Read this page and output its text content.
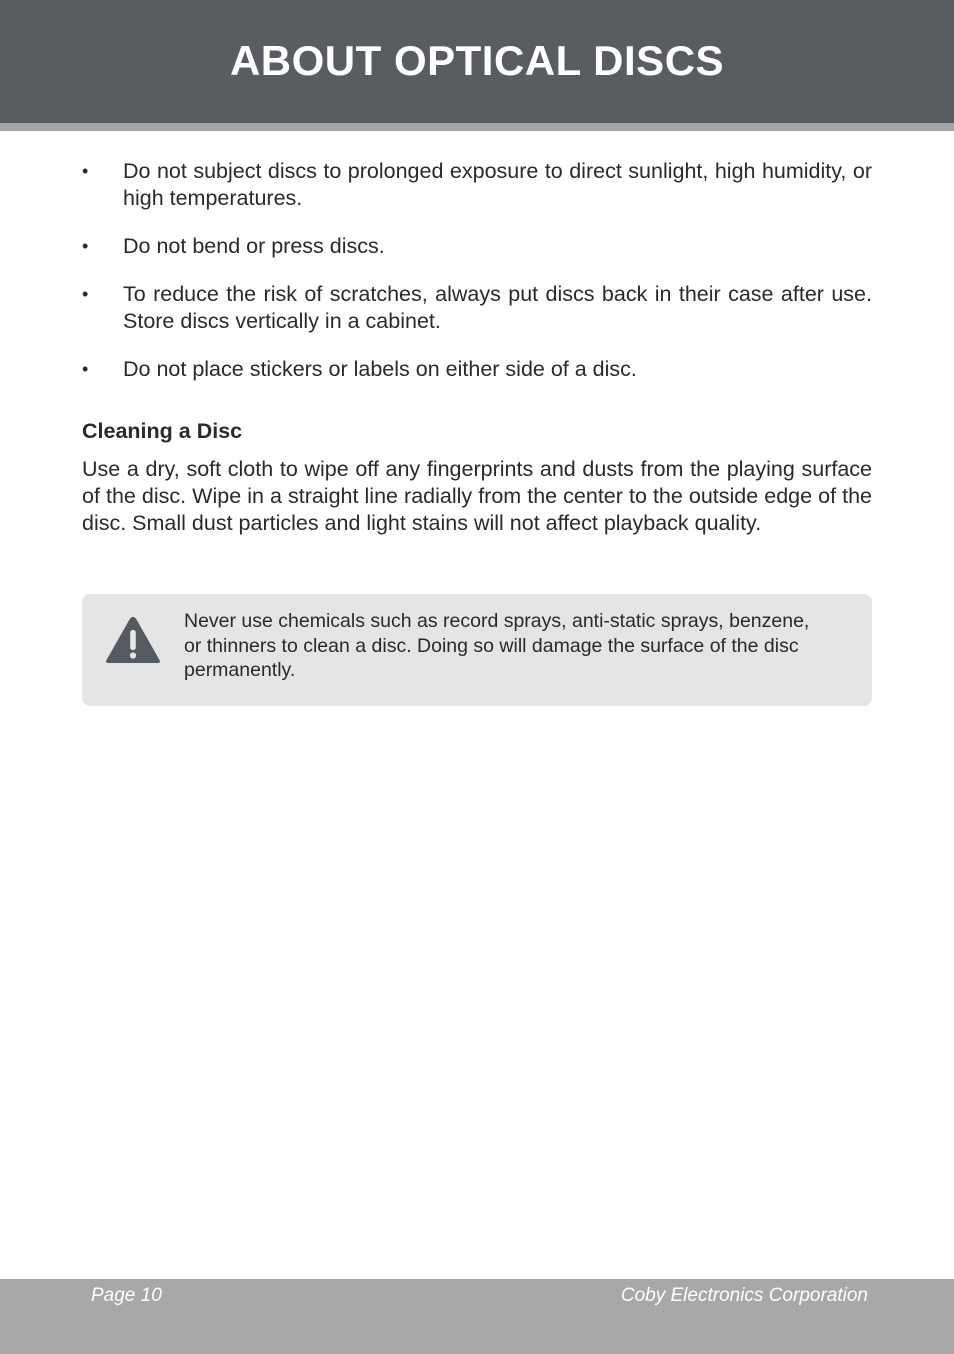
ABOUT OPTICAL DISCS
• Do not subject discs to prolonged exposure to direct sunlight, high humidity, or high temperatures.
• Do not bend or press discs.
• To reduce the risk of scratches, always put discs back in their case after use. Store discs vertically in a cabinet.
• Do not place stickers or labels on either side of a disc.
Cleaning a Disc

Use a dry, soft cloth to wipe off any fingerprints and dusts from the playing surface of the disc. Wipe in a straight line radially from the center to the outside edge of the disc. Small dust particles and light stains will not affect playback quality.

Never use chemicals such as record sprays, anti-static sprays, benzene, or thinners to clean a disc. Doing so will damage the surface of the disc permanently.

Page 10	Coby Electronics Corporation
